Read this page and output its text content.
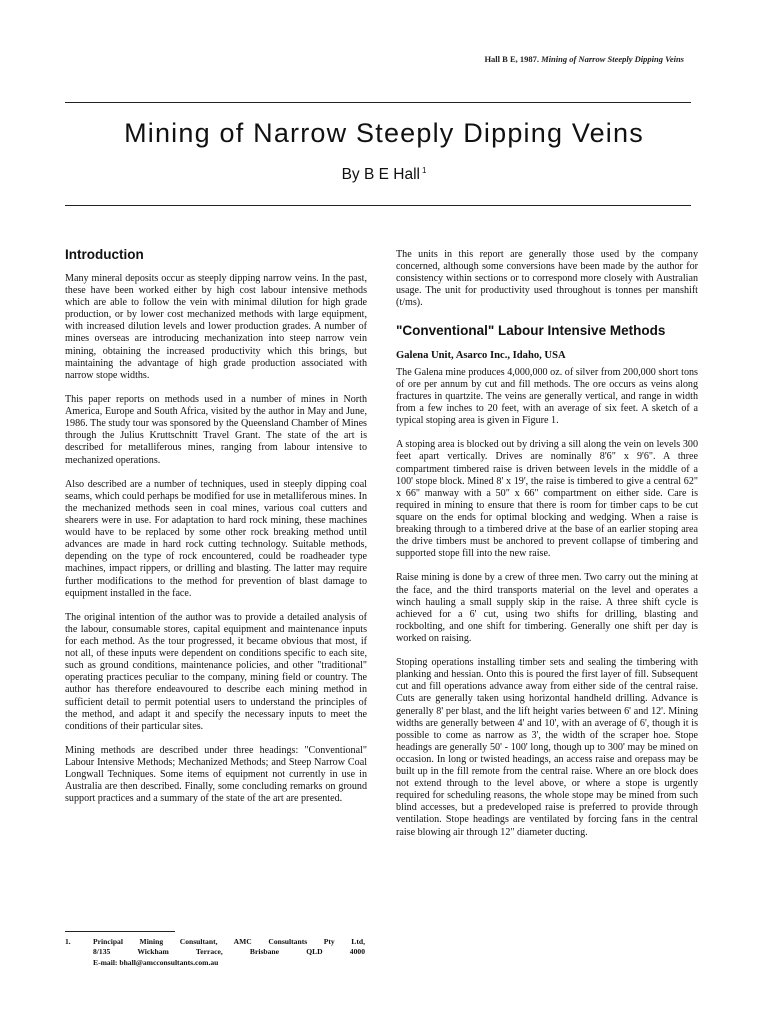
Hall B E, 1987. Mining of Narrow Steeply Dipping Veins
Mining of Narrow Steeply Dipping Veins
By B E Hall $^1$
Introduction

Many mineral deposits occur as steeply dipping narrow veins. In the past, these have been worked either by high cost labour intensive methods which are able to follow the vein with minimal dilution for high grade production, or by lower cost mechanized methods with large equipment, with increased dilution levels and lower production grades. A number of mines overseas are introducing mechanization into steep narrow vein mining, obtaining the increased productivity which this brings, but maintaining the advantage of high grade production associated with narrow stope widths.

This paper reports on methods used in a number of mines in North America, Europe and South Africa, visited by the author in May and June, 1986. The study tour was sponsored by the Queensland Chamber of Mines through the Julius Kruttschnitt Travel Grant. The state of the art is described for metalliferous mines, ranging from labour intensive to mechanized operations.

Also described are a number of techniques, used in steeply dipping coal seams, which could perhaps be modified for use in metalliferous mines. In the mechanized methods seen in coal mines, various coal cutters and shearers were in use. For adaptation to hard rock mining, these machines would have to be replaced by some other rock breaking method until advances are made in hard rock cutting technology. Suitable methods, depending on the type of rock encountered, could be roadheader type machines, impact rippers, or drilling and blasting. The latter may require further modifications to the method for prevention of blast damage to equipment installed in the face.

The original intention of the author was to provide a detailed analysis of the labour, consumable stores, capital equipment and maintenance inputs for each method. As the tour progressed, it became obvious that most, if not all, of these inputs were dependent on conditions specific to each site, such as ground conditions, maintenance policies, and other "traditional" operating practices peculiar to the company, mining field or country. The author has therefore endeavoured to describe each mining method in sufficient detail to permit potential users to understand the principles of the method, and adapt it and specify the necessary inputs to meet the conditions of their particular sites.

Mining methods are described under three headings: "Conventional" Labour Intensive Methods; Mechanized Methods; and Steep Narrow Coal Longwall Techniques. Some items of equipment not currently in use in Australia are then described. Finally, some concluding remarks on ground support practices and a summary of the state of the art are presented.

The units in this report are generally those used by the company concerned, although some conversions have been made by the author for consistency within sections or to correspond more closely with Australian usage. The unit for productivity used throughout is tonnes per manshift (t/ms).

"Conventional" Labour Intensive Methods
Galena Unit, Asarco Inc., Idaho, USA

The Galena mine produces 4,000,000 oz. of silver from 200,000 short tons of ore per annum by cut and fill methods. The ore occurs as veins along fractures in quartzite. The veins are generally vertical, and range in width from a few inches to 20 feet, with an average of six feet. A sketch of a typical stoping area is given in Figure 1.

A stoping area is blocked out by driving a sill along the vein on levels 300 feet apart vertically. Drives are nominally 8'6" x 9'6". A three compartment timbered raise is driven between levels in the middle of a 100' stope block. Mined 8' x 19', the raise is timbered to give a central 62" x 66" manway with a 50" x 66" compartment on either side. Care is required in mining to ensure that there is room for timber caps to be cut square on the ends for optimal blocking and wedging. When a raise is breaking through to a timbered drive at the base of an earlier stoping area the drive timbers must be anchored to prevent collapse of timbering and supported stope fill into the new raise.

Raise mining is done by a crew of three men. Two carry out the mining at the face, and the third transports material on the level and operates a winch hauling a small supply skip in the raise. A three shift cycle is achieved for a 6' cut, using two shifts for drilling, blasting and rockbolting, and one shift for timbering. Generally one shift per day is worked on raising.

Stoping operations installing timber sets and sealing the timbering with planking and hessian. Onto this is poured the first layer of fill. Subsequent cut and fill operations advance away from either side of the central raise. Cuts are generally taken using horizontal handheld drilling. Advance is generally 8' per blast, and the lift height varies between 6' and 12'. Mining widths are generally between 4' and 10', with an average of 6', though it is possible to come as narrow as 3', the width of the scraper hoe. Stope headings are generally 50' - 100' long, though up to 300' may be mined on occasion. In long or twisted headings, an access raise and orepass may be built up in the fill remote from the central raise. Where an ore block does not extend through to the level above, or where a stope is urgently required for scheduling reasons, the whole stope may be mined from such blind accesses, but a predeveloped raise is preferred to provide through ventilation. Stope headings are ventilated by forcing fans in the central raise blowing air through 12" diameter ducting.

1.	Principal Mining Consultant, AMC Consultants Pty Ltd,
8/135 Wickham Terrace, Brisbane QLD 4000
E-mail: bhall@amcconsultants.com.au
